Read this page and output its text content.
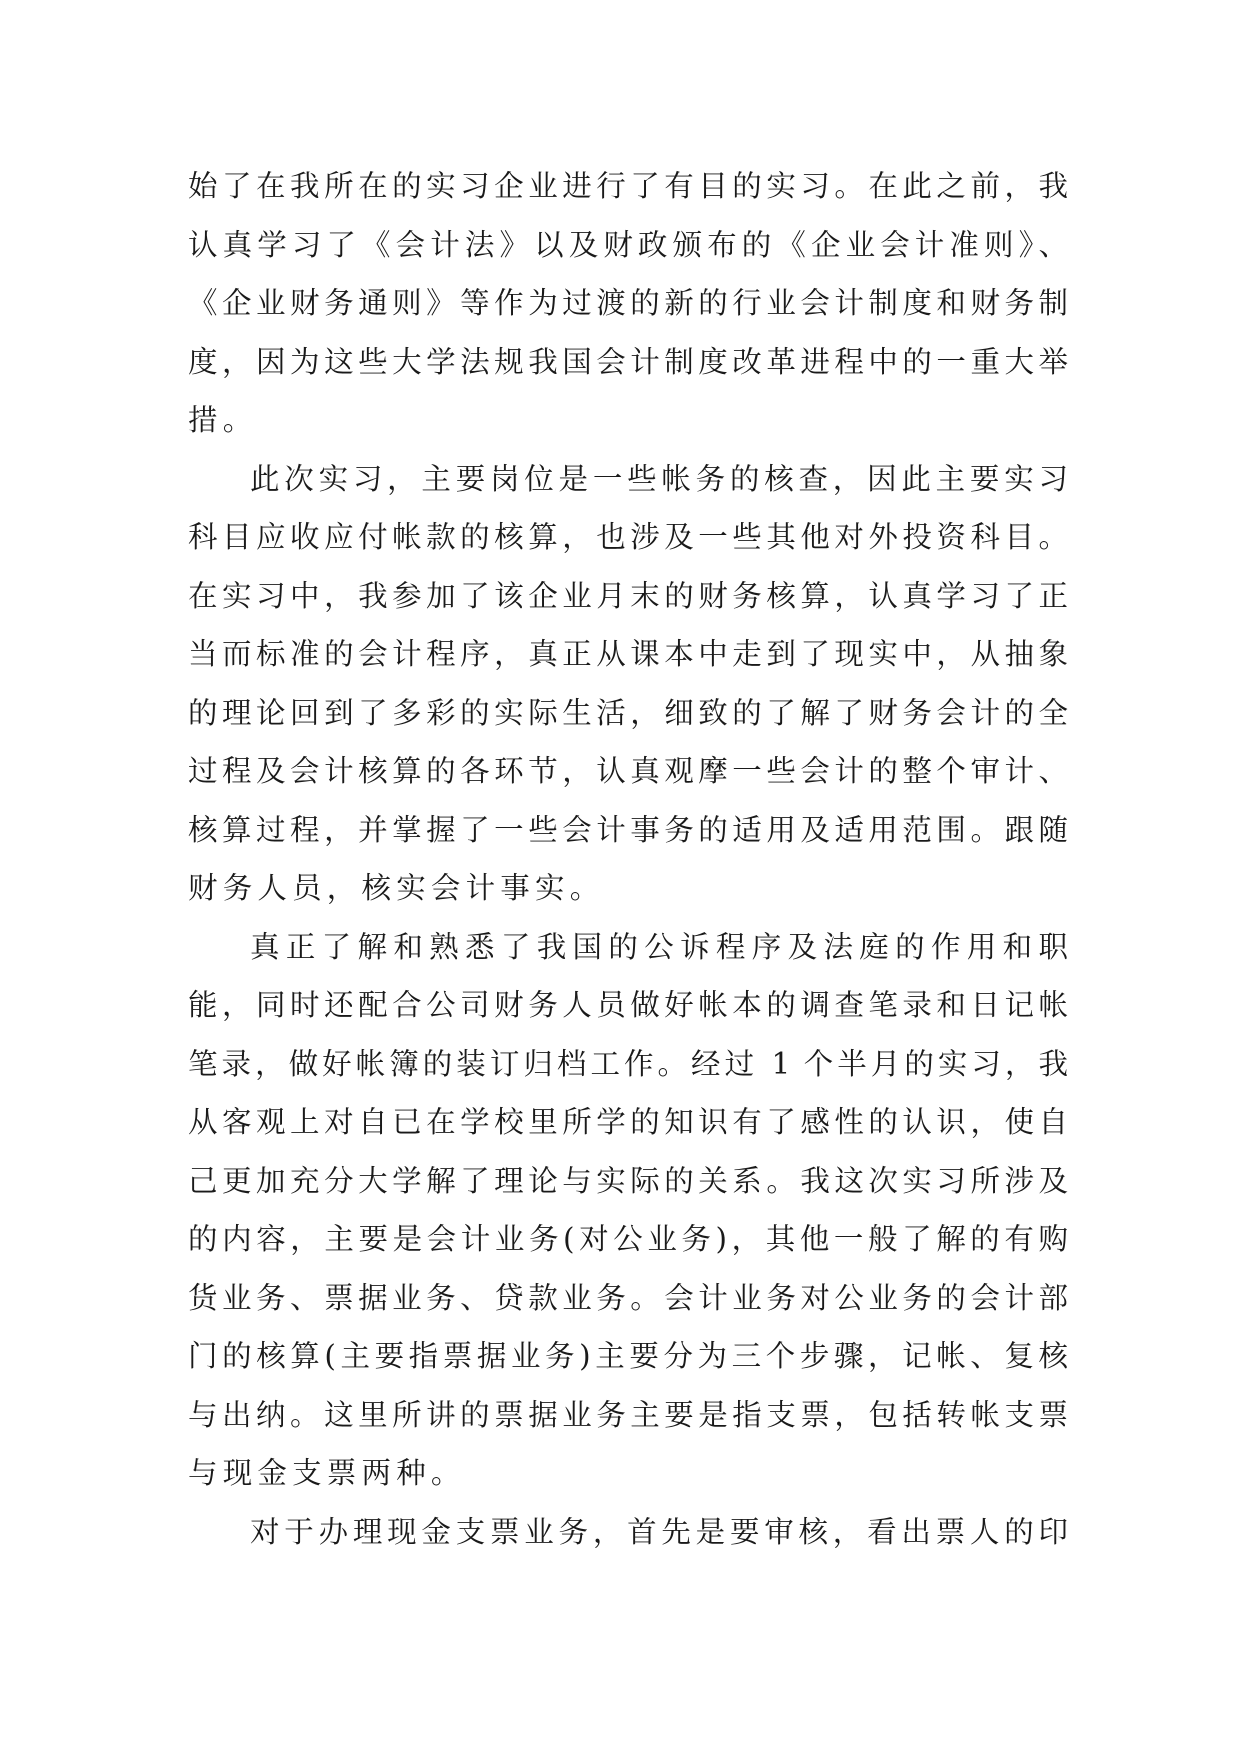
始了在我所在的实习企业进行了有目的实习。在此之前，我
认真学习了《会计法》以及财政颁布的《企业会计准则》、
《企业财务通则》等作为过渡的新的行业会计制度和财务制
度，因为这些大学法规我国会计制度改革进程中的一重大举
措。
此次实习，主要岗位是一些帐务的核查，因此主要实习
科目应收应付帐款的核算，也涉及一些其他对外投资科目。
在实习中，我参加了该企业月末的财务核算，认真学习了正
当而标准的会计程序，真正从课本中走到了现实中，从抽象
的理论回到了多彩的实际生活，细致的了解了财务会计的全
过程及会计核算的各环节，认真观摩一些会计的整个审计、
核算过程，并掌握了一些会计事务的适用及适用范围。跟随
财务人员，核实会计事实。
真正了解和熟悉了我国的公诉程序及法庭的作用和职
能，同时还配合公司财务人员做好帐本的调查笔录和日记帐
笔录，做好帐簿的装订归档工作。经过 1 个半月的实习，我
从客观上对自已在学校里所学的知识有了感性的认识，使自
己更加充分大学解了理论与实际的关系。我这次实习所涉及
的内容，主要是会计业务(对公业务)，其他一般了解的有购
货业务、票据业务、贷款业务。会计业务对公业务的会计部
门的核算(主要指票据业务)主要分为三个步骤，记帐、复核
与出纳。这里所讲的票据业务主要是指支票，包括转帐支票
与现金支票两种。
对于办理现金支票业务，首先是要审核，看出票人的印
